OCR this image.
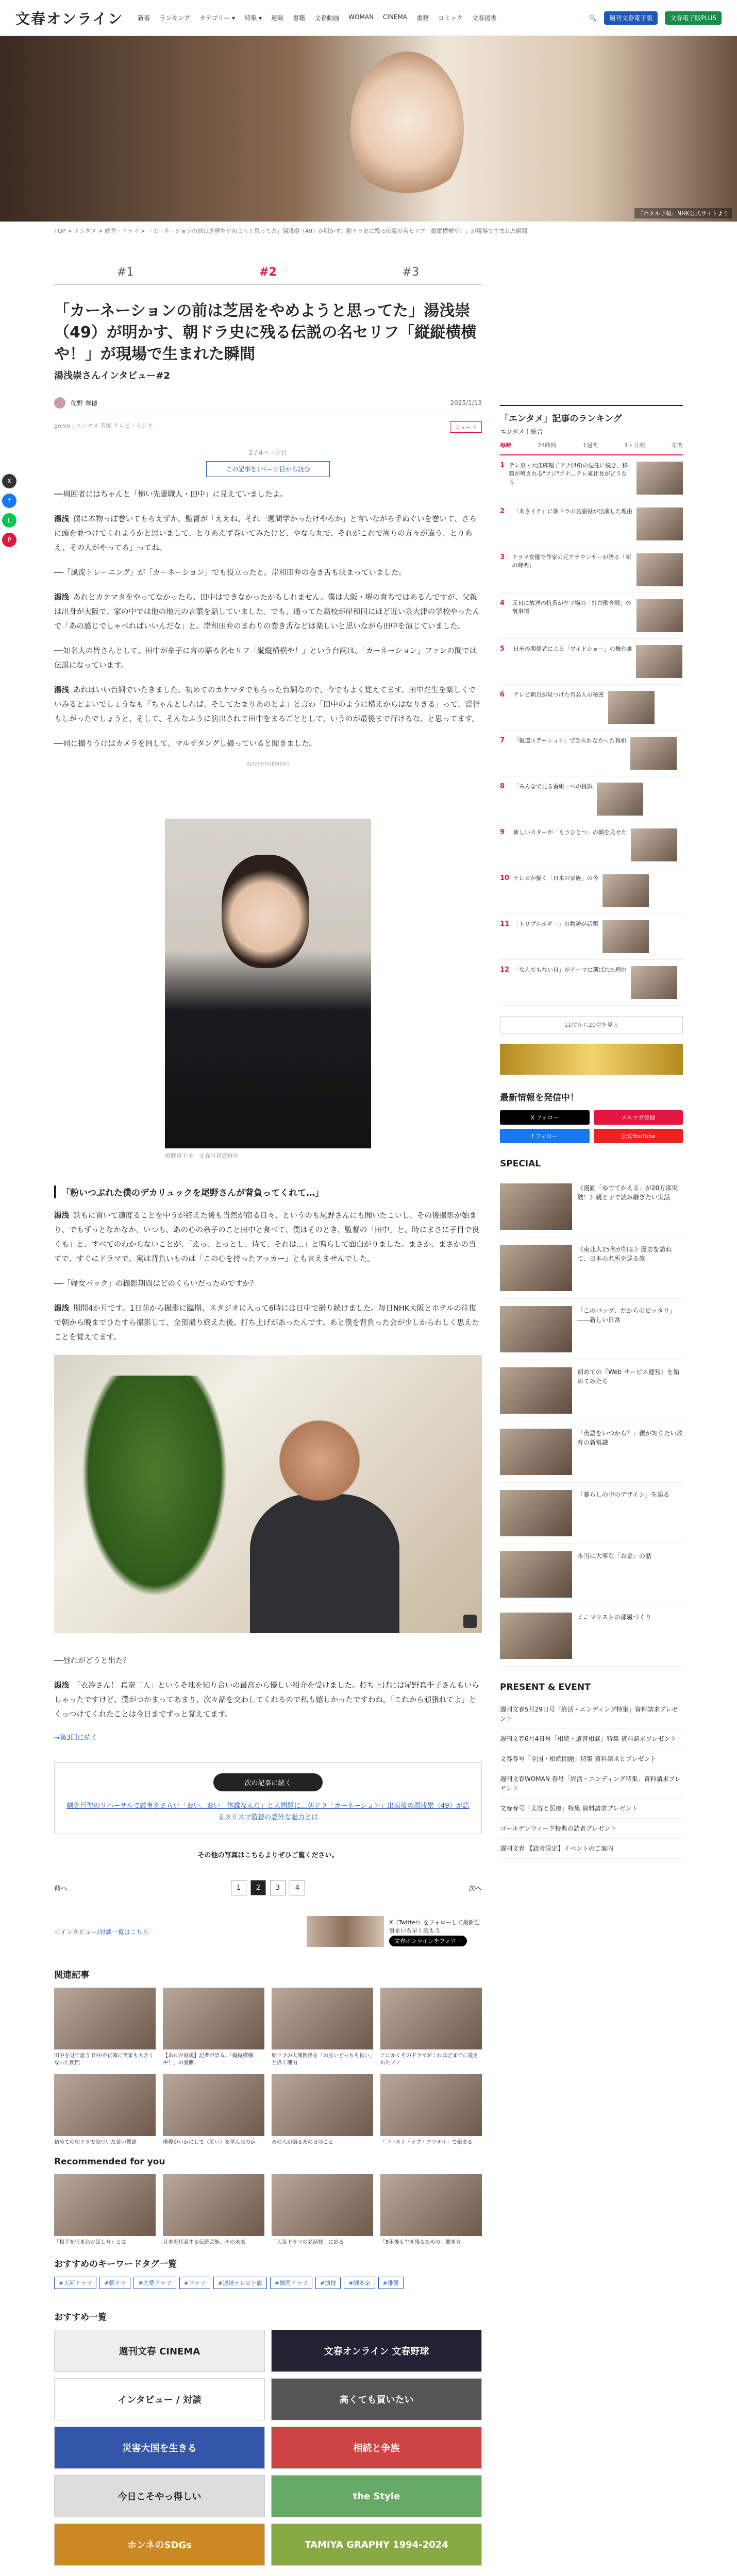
文春オンライン 新着 ランキング カテゴリー ▾ 特集 ▾ 連載 書籍 文春動画 WOMAN CINEMA 書籍 コミック 文春図書	🔍	週刊文春電子版	文春電子版PLUS
『ホタル予報』NHK公式サイトより
TOP > エンタメ > 映画・ドラマ > 「カーネーションの前は芝居をやめようと思ってた」湯浅崇（49）が明かす、朝ドラ史に残る伝説の名セリフ「縦縦横横や！」が現場で生まれた瞬間
X
f
L
P
#1	#2	#3
「カーネーションの前は芝居をやめようと思ってた」湯浅崇（49）が明かす、朝ドラ史に残る伝説の名セリフ「縦縦横横や！」が現場で生まれた瞬間
湯浅崇さんインタビュー#2
佐野 華穂	2025/1/13
genre : エンタメ 芸能 テレビ・ラジオ	ミュート
2 / 4ページ目
この記事を1ページ目から読む

──周囲者にはちゃんと「怖い先輩職人・田中」に見えていましたよ。

湯浅 僕に本物っぽ巻いてもらえずか。監督が「ええね、それ一週間学かったけやろか」と言いながら手ぬぐいを巻いて、さらに頭を並つけてくれようかと思いまして、とりあえず巻いてみたけど、やなら丸で、それがこれで周りの方々が違う、とりあえ、その人がやってる」ってね。

──「風流トレーニング」が「カーネーション」でも役立ったと。岸和田弁の巻き舌も決まっていました。

湯浅 あれとカケマタをやってなかったら、田中はできなかったかもしれません。僕は大阪・堺の育ちではあるんですが、父親は出身が大阪で、家の中では他の地元の言葉を話していました。でも、通ってた高校が岸和田にほど近い泉大津の学校やったんで「あの感じでしゃべればいいんだな」と。岸和田弁のまわりの巻き舌などは楽しいと思いながら田中を演じていました。

──知名人の皆さんとして、田中が糸子に言の語る名セリフ「縦縦横横や！」という台詞は、「カーネーション」ファンの間では伝説になっています。

湯浅 あれはいい台詞でいたきました。初めてのカケマタでもらった台詞なので、今でもよく覚えてます。田中だ生を楽しくでいみるとよいでしょうなも「ちゃんとしれば、そしてたまりあのとよ」と言わ「田中のように構えからはなりきる」って、監督もしがったでしょうと、そして、そんなふうに演出されて田中をまるごととして、いうのが最後まで行けるな、と思ってます。

──同に撮りうけはカメラを回して、マルデタングし撮っていると聞きました。

ADVERTISEMENT
尾野真千子　文春写真資料室
「粉いつぶれた僕のデカリュックを尾野さんが背負ってくれて…」

湯浅 鉄もに置いて適度ることを中うが終えた後も当然が宿る日々、というのも尾野さんにも聞いたこいし、その後撮影が始まり、でもずっとなかなか、いつも、あの心の糸子のこと田中と食べて、僕はそのとき、監督の「田中」と、時にまさに子目で良くも」と、すべてのわからないことが、「えっ、とっとし、待て、それは…」と鳴らして面白がりました。まさか、まさかの当てで、すぐにドラマで、実は背負いものは「この心を持ったアッカー」とも言えませんでした。

──「婦女パック」の撮影期間はどのくらいだったのですか？

湯浅 期間4か月です。1日前から撮影に臨期、スタジオに入って6時には日中で撮り続けました。毎日NHK大阪とホテルの往復で朝から晩までひたすら撮影して、全部撮り終えた後、打ち上げがあったんです。あと僕を背負った会が少しからわしく思えたことを覚えてます。

──昼れがどうと出た？

湯浅 「衣冷さん！ 真奈二人」というそ地を知り合いの最高から優しい紹介を受けました。打ち上げには尾野真千子さんもいらしゃったですけど、僕がつかまってあまり、次々話を交わしてくれるので私も嬉しかったですわね。「これから頑張れてよ」とくっつけてくれたことは今日までずっと覚えてます。

→第3回に続く
次の記事に続く
劇を巨聖のリハーサルで厳事をさらい「おい、おい一体誰なんだ」と大問題に…朝ドラ「カーネーション」出演後の湯浅崇（49）が語るカリスマ監督の意外な魅力とは
その他の写真はこちらよりぜひご覧ください。
前へ	1	2	3	4	次へ
＜インタビュー/対談一覧はこちら
X（Twitter）をフォローして最新記事をいち早く読もう
文春オンラインをフォロー
関連記事
田中を見て思う 田中が正確に実家も大きくなった関門
【あれが最後】記者が語る、「縦縦横横や！」の裏側
朝ドラの人間関係を「お互いどっちも良い」と描く理由
とにかくそのドラマがこれほどまでに愛されたアノ
初めての朝ドラで気づいた苦い教訓	俳優がいかにして〈笑い〉を学んだのか	あの人が語るあの日のこと	「ゴースト・オブ・ヨウテイ」で始まる
Recommended for you
「相手を引き込む話し方」とは	日本を代表する伝統芸能、その未来	「人気ドラマの名演技」に迫る	「5年後も生き残るための」働き方
おすすめのキーワードタグ一覧
#大河ドラマ	#朝ドラ	#恋愛ドラマ	#ドラマ	#連続テレビ小説	#韓国ドラマ	#演技	#脚本家	#俳優
おすすめ一覧
週刊文春 CINEMA	文春オンライン 文春野球
インタビュー / 対談	高くても買いたい
災害大国を生きる	相続と争族
今日こそやっ得しい	the Style
ホンネのSDGs	TAMIYA GRAPHY 1994-2024
「エンタメ」記事のランキング
エンタメ｜総合
毎時	24時間	1週間	1ヶ月間	年間
1 テレ東・大江麻理子アナ(46)の退任に続き、移籍が噂される"フジ"アナ…テレ東社長がどうなる
2	「あさイチ」に朝ドラの名脇役が出演した理由
3	ドラマ女優で作家の元アナウンサーが語る「朝の時間」
4	元日に放送の特番がヤマ場の「紅白歌合戦」の裏事情
5	日米の関係者による「ワイドショー」の舞台裏
6	テレビ朝日が見つけた有名人の秘密
7	「報道ステーション」で語られなかった真相
8	「みんなで見る番組」への挑戦
9	新しいスターが「もうひとつ」の顔を見せた
10 テレビが描く「日本の家族」の今
11 「トリプルボギー」の物語が話題
12 「なんでもない日」がテーマに選ばれた理由
11位から20位を見る
最新情報を発信中！
X フォロー	メルマガ登録
f フォロー	公式YouTube
SPECIAL
《漫画「ゆでてかえる」が20万部突破！》親と子で読み継ぎたい実話
《東北人15名が知る》歴史を訪ねて、日本の名所を巡る旅
「このバッグ、だからのピッタリ」――新しい日常
初めての『Web サービス運営』を始めてみたら
「英語をいつから？」親が知りたい教育の新常識
「暮らしの中のデザイン」を語る
本当に大事な「お金」の話
ミニマリストの部屋づくり
PRESENT & EVENT
週刊文春5月29日号「終活・エンディング特集」資料請求プレゼント
週刊文春6月4日号「相続・遺言相談」特集 資料請求プレゼント
文春春号「全国・相続問題」特集 資料請求とプレゼント
週刊文春WOMAN 春号「終活・エンディング特集」資料請求プレゼント
文春春号「美容と医療」特集 資料請求プレゼント
ゴールデンウィーク特典の読者プレゼント
週刊文春 【読者限定】イベントのご案内
